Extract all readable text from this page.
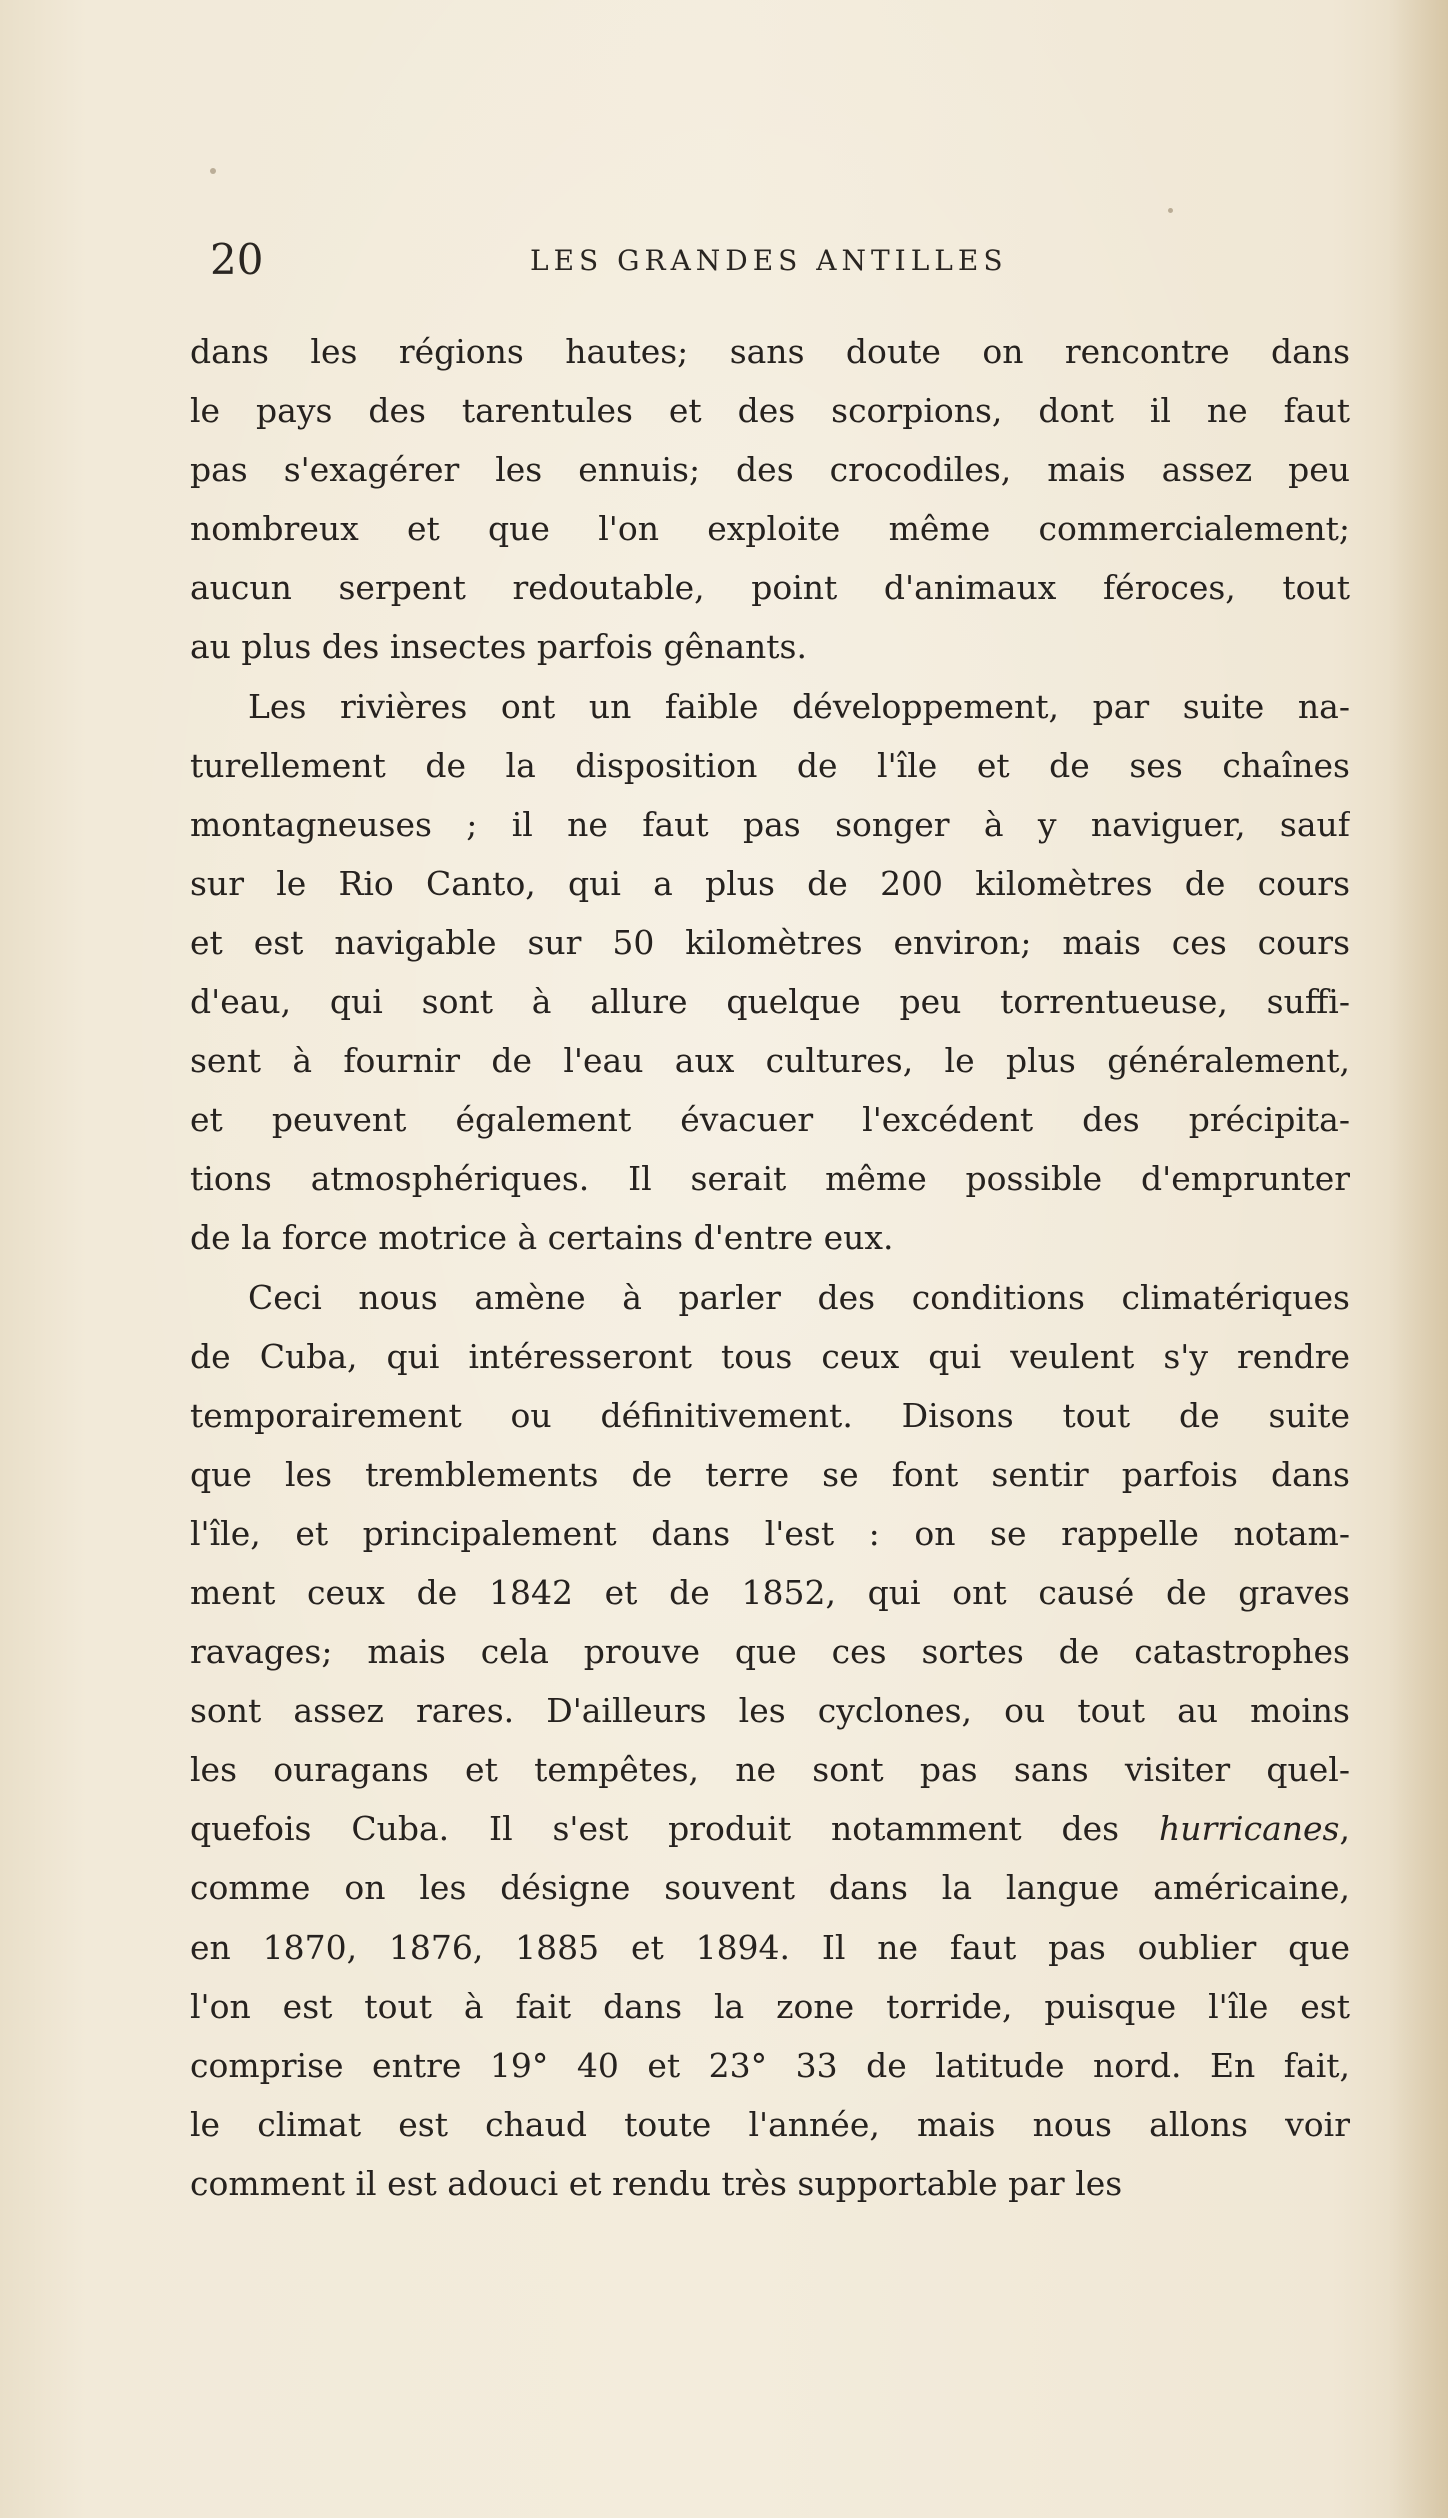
20	LES GRANDES ANTILLES

dans les régions hautes; sans doute on rencontre dans
le pays des tarentules et des scorpions, dont il ne faut
pas s'exagérer les ennuis; des crocodiles, mais assez peu
nombreux et que l'on exploite même commercialement;
aucun serpent redoutable, point d'animaux féroces, tout
au plus des insectes parfois gênants.

Les rivières ont un faible développement, par suite na-
turellement de la disposition de l'île et de ses chaînes
montagneuses ; il ne faut pas songer à y naviguer, sauf
sur le Rio Canto, qui a plus de 200 kilomètres de cours
et est navigable sur 50 kilomètres environ; mais ces cours
d'eau, qui sont à allure quelque peu torrentueuse, suffi-
sent à fournir de l'eau aux cultures, le plus généralement,
et peuvent également évacuer l'excédent des précipita-
tions atmosphériques. Il serait même possible d'emprunter
de la force motrice à certains d'entre eux.

Ceci nous amène à parler des conditions climatériques
de Cuba, qui intéresseront tous ceux qui veulent s'y rendre
temporairement ou définitivement. Disons tout de suite
que les tremblements de terre se font sentir parfois dans
l'île, et principalement dans l'est : on se rappelle notam-
ment ceux de 1842 et de 1852, qui ont causé de graves
ravages; mais cela prouve que ces sortes de catastrophes
sont assez rares. D'ailleurs les cyclones, ou tout au moins
les ouragans et tempêtes, ne sont pas sans visiter quel-
quefois Cuba. Il s'est produit notamment des hurricanes,
comme on les désigne souvent dans la langue américaine,
en 1870, 1876, 1885 et 1894. Il ne faut pas oublier que
l'on est tout à fait dans la zone torride, puisque l'île est
comprise entre 19° 40 et 23° 33 de latitude nord. En fait,
le climat est chaud toute l'année, mais nous allons voir
comment il est adouci et rendu très supportable par les
